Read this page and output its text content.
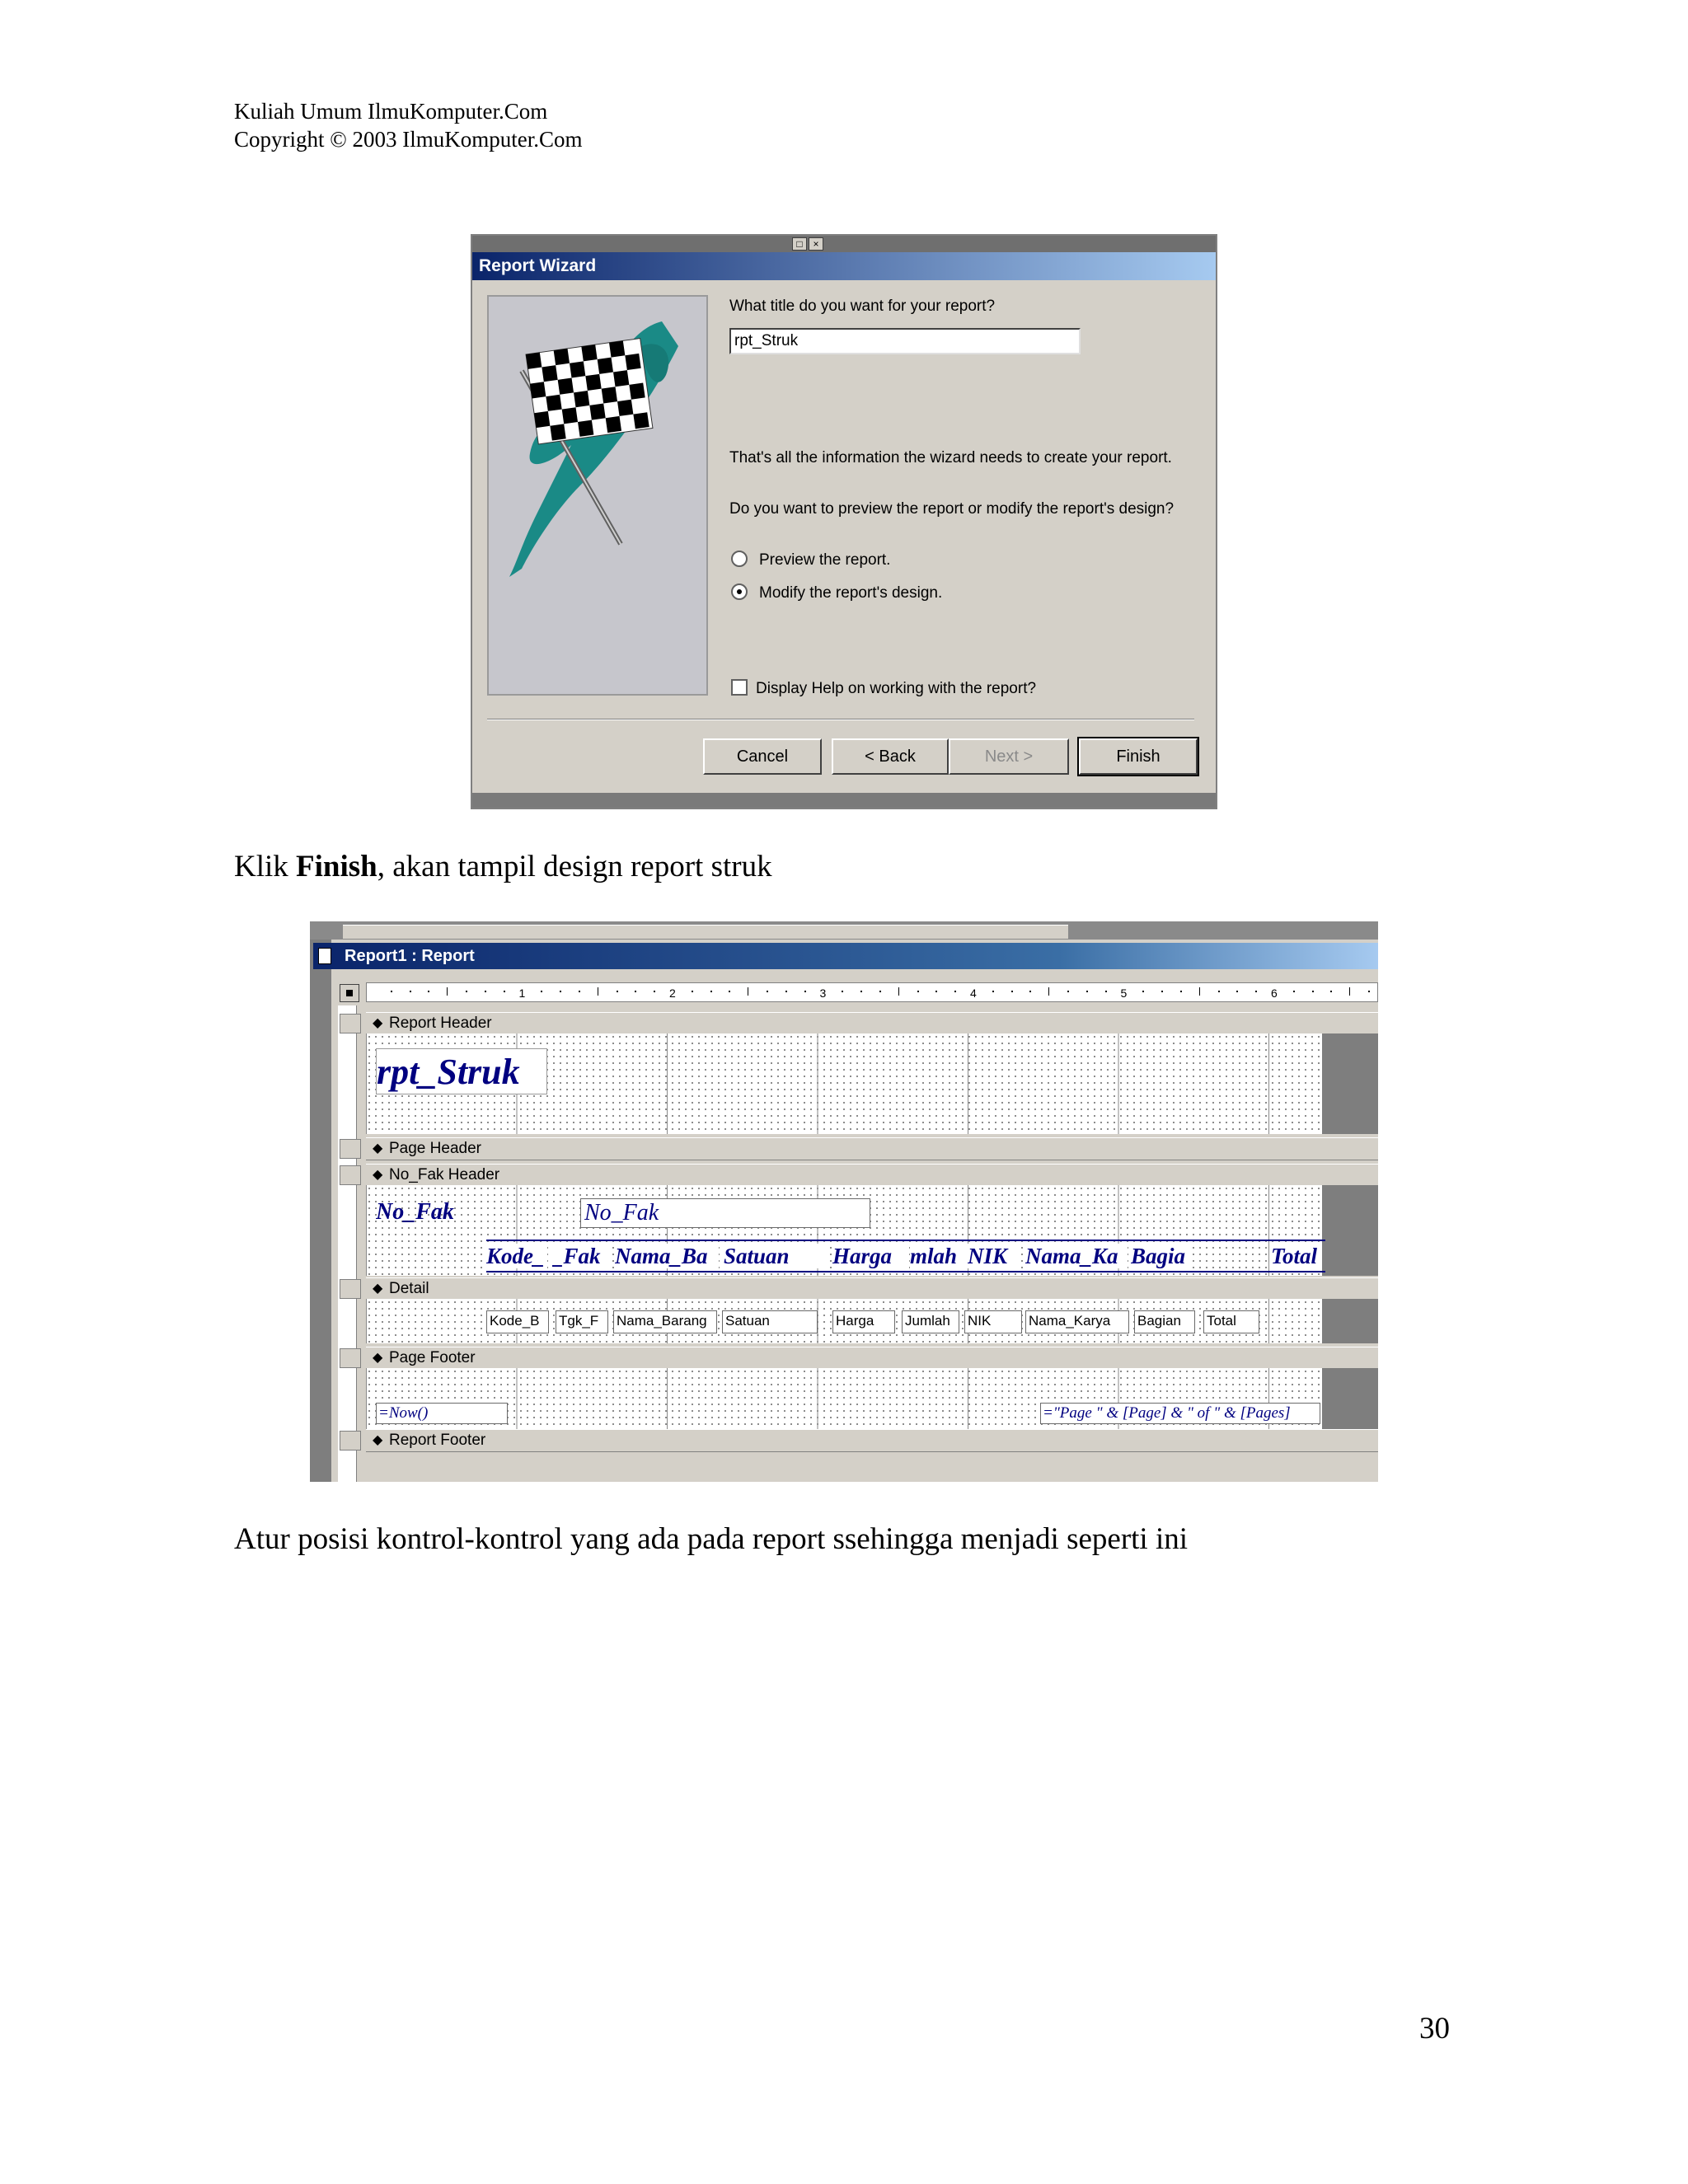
Kuliah Umum IlmuKomputer.Com
Copyright © 2003 IlmuKomputer.Com
□	×
Report Wizard
What title do you want for your report?
rpt_Struk
That's all the information the wizard needs to create your report.
Do you want to preview the report or modify the report's design?
Preview the report.
Modify the report's design.
Display Help on working with the report?
Cancel	< Back	Next >	Finish
Klik Finish, akan tampil design report struk
Report1 : Report
1	2	3	4	5	6
◆ Report Header
rpt_Struk
◆ Page Header
◆ No_Fak Header
No_Fak	No_Fak
Kode_ _Fak Nama_Ba Satuan	Harga mlah NIK Nama_Ka Bagia	Total
◆ Detail
Kode_B	Tgk_F	Nama_Barang	Satuan	Harga	Jumlah	NIK	Nama_Karya	Bagian	Total
◆ Page Footer
=Now()	="Page " & [Page] & " of " & [Pages]
◆ Report Footer
Atur posisi kontrol-kontrol yang ada pada report ssehingga menjadi seperti ini
30
